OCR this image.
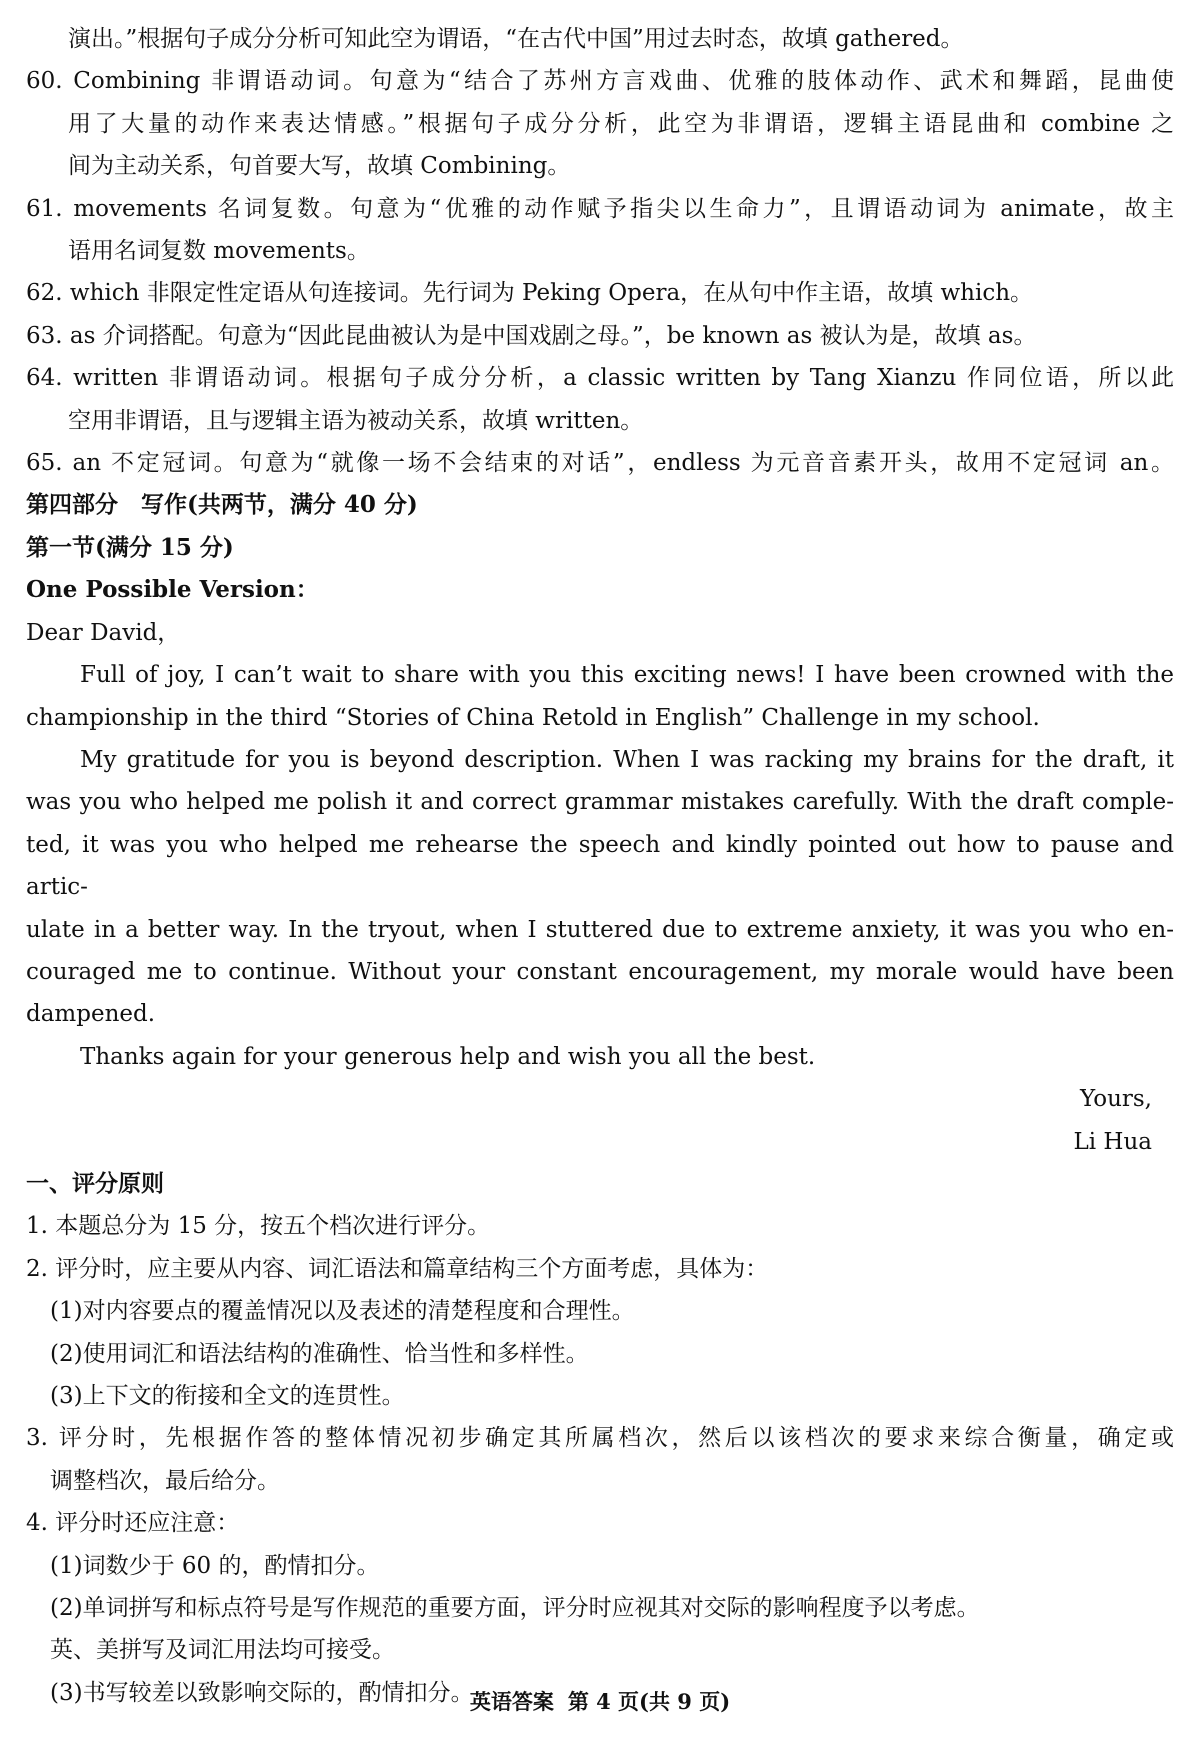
演出。”根据句子成分分析可知此空为谓语，“在古代中国”用过去时态，故填 gathered。
60. Combining 非谓语动词。句意为“结合了苏州方言戏曲、优雅的肢体动作、武术和舞蹈，昆曲使
用了大量的动作来表达情感。”根据句子成分分析，此空为非谓语，逻辑主语昆曲和 combine 之
间为主动关系，句首要大写，故填 Combining。
61. movements 名词复数。句意为“优雅的动作赋予指尖以生命力”，且谓语动词为 animate，故主
语用名词复数 movements。
62. which 非限定性定语从句连接词。先行词为 Peking Opera，在从句中作主语，故填 which。
63. as 介词搭配。句意为“因此昆曲被认为是中国戏剧之母。”，be known as 被认为是，故填 as。
64. written 非谓语动词。根据句子成分分析，a classic written by Tang Xianzu 作同位语，所以此
空用非谓语，且与逻辑主语为被动关系，故填 written。
65. an 不定冠词。句意为“就像一场不会结束的对话”，endless 为元音音素开头，故用不定冠词 an。
第四部分　写作(共两节，满分 40 分)
第一节(满分 15 分)
One Possible Version：
Dear David，
Full of joy, I can’t wait to share with you this exciting news! I have been crowned with the
championship in the third “Stories of China Retold in English” Challenge in my school.
My gratitude for you is beyond description. When I was racking my brains for the draft, it
was you who helped me polish it and correct grammar mistakes carefully. With the draft comple-
ted, it was you who helped me rehearse the speech and kindly pointed out how to pause and artic-
ulate in a better way. In the tryout, when I stuttered due to extreme anxiety, it was you who en-
couraged me to continue. Without your constant encouragement, my morale would have been
dampened.
Thanks again for your generous help and wish you all the best.
Yours,
Li Hua
一、评分原则
1. 本题总分为 15 分，按五个档次进行评分。
2. 评分时，应主要从内容、词汇语法和篇章结构三个方面考虑，具体为：
(1)对内容要点的覆盖情况以及表述的清楚程度和合理性。
(2)使用词汇和语法结构的准确性、恰当性和多样性。
(3)上下文的衔接和全文的连贯性。
3. 评分时，先根据作答的整体情况初步确定其所属档次，然后以该档次的要求来综合衡量，确定或
调整档次，最后给分。
4. 评分时还应注意：
(1)词数少于 60 的，酌情扣分。
(2)单词拼写和标点符号是写作规范的重要方面，评分时应视其对交际的影响程度予以考虑。
英、美拼写及词汇用法均可接受。
(3)书写较差以致影响交际的，酌情扣分。
英语答案 第 4 页(共 9 页)
